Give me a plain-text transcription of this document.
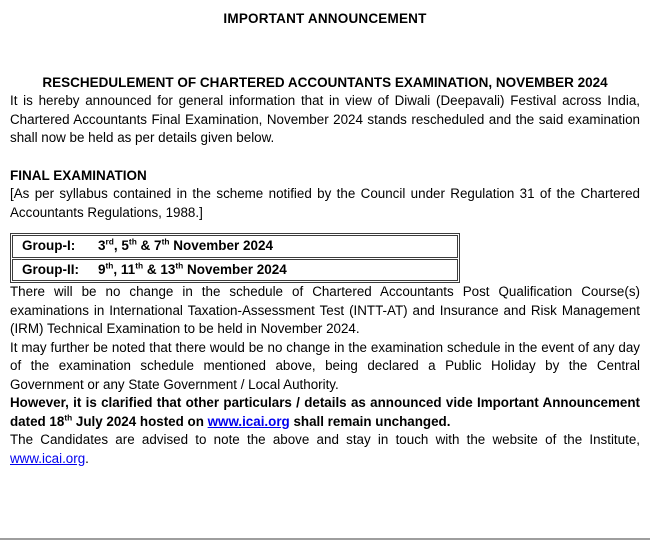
IMPORTANT ANNOUNCEMENT
RESCHEDULEMENT OF CHARTERED ACCOUNTANTS EXAMINATION, NOVEMBER 2024

It is hereby announced for general information that in view of Diwali (Deepavali) Festival across India, Chartered Accountants Final Examination, November 2024 stands rescheduled and the said examination shall now be held as per details given below.

FINAL EXAMINATION

[As per syllabus contained in the scheme notified by the Council under Regulation 31 of the Chartered Accountants Regulations, 1988.]

Group-I: 3rd, 5th & 7th November 2024
Group-II: 9th, 11th & 13th November 2024

There will be no change in the schedule of Chartered Accountants Post Qualification Course(s) examinations in International Taxation-Assessment Test (INTT-AT) and Insurance and Risk Management (IRM) Technical Examination to be held in November 2024.

It may further be noted that there would be no change in the examination schedule in the event of any day of the examination schedule mentioned above, being declared a Public Holiday by the Central Government or any State Government / Local Authority.

However, it is clarified that other particulars / details as announced vide Important Announcement dated 18th July 2024 hosted on www.icai.org shall remain unchanged.

The Candidates are advised to note the above and stay in touch with the website of the Institute, www.icai.org.
